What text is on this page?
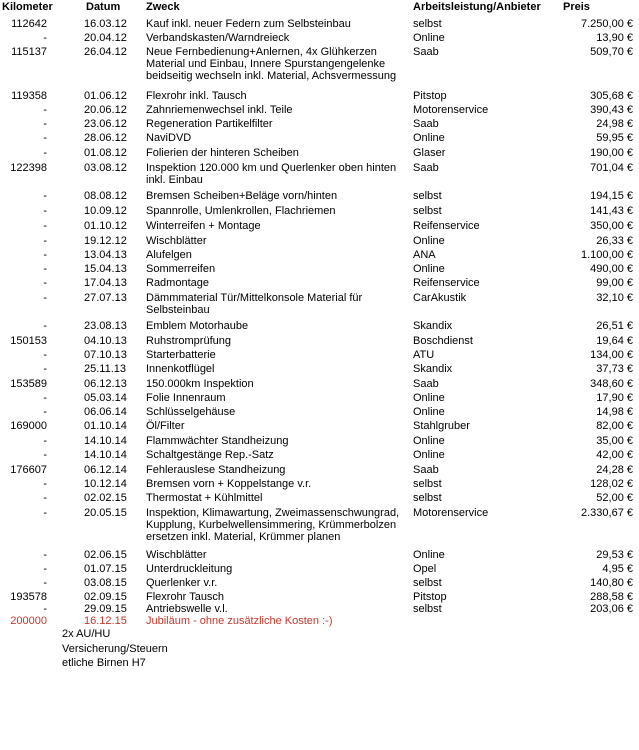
Kilometer	Datum Zweck	Arbeitsleistung/Anbieter Preis
112642	16.03.12 Kauf inkl. neuer Federn zum Selbsteinbau	selbst	7.250,00 €
-	20.04.12 Verbandskasten/Warndreieck	Online	13,90 €
115137	26.04.12 Neue Fernbedienung+Anlernen, 4x Glühkerzen Material und Einbau, Innere Spurstangengelenke beidseitig wechseln inkl. Material, Achsvermessung
Saab	509,70 €
119358	01.06.12 Flexrohr inkl. Tausch	Pitstop	305,68 €
-	20.06.12 Zahnriemenwechsel inkl. Teile	Motorenservice	390,43 €
-	23.06.12 Regeneration Partikelfilter	Saab	24,98 €
-	28.06.12 NaviDVD	Online	59,95 €
-	01.08.12 Folierien der hinteren Scheiben	Glaser	190,00 €
122398	03.08.12 Inspektion 120.000 km und Querlenker oben hinten inkl. Einbau
Saab	701,04 €
-	08.08.12 Bremsen Scheiben+Beläge vorn/hinten	selbst	194,15 €
-	10.09.12 Spannrolle, Umlenkrollen, Flachriemen	selbst	141,43 €
-	01.10.12 Winterreifen + Montage	Reifenservice	350,00 €
-	19.12.12 Wischblätter	Online	26,33 €
-	13.04.13 Alufelgen	ANA	1.100,00 €
-	15.04.13 Sommerreifen	Online	490,00 €
-	17.04.13 Radmontage	Reifenservice	99,00 €
-	27.07.13 Dämmmaterial Tür/Mittelkonsole Material für Selbsteinbau
CarAkustik	32,10 €
-	23.08.13 Emblem Motorhaube	Skandix	26,51 €
150153	04.10.13 Ruhstromprüfung	Boschdienst	19,64 €
-	07.10.13 Starterbatterie	ATU	134,00 €
-	25.11.13 Innenkotflügel	Skandix	37,73 €
153589	06.12.13 150.000km Inspektion	Saab	348,60 €
-	05.03.14 Folie Innenraum	Online	17,90 €
-	06.06.14 Schlüsselgehäuse	Online	14,98 €
169000	01.10.14 Öl/Filter	Stahlgruber	82,00 €
-	14.10.14 Flammwächter Standheizung	Online	35,00 €
-	14.10.14 Schaltgestänge Rep.-Satz	Online	42,00 €
176607	06.12.14 Fehlerauslese Standheizung	Saab	24,28 €
-	10.12.14 Bremsen vorn + Koppelstange v.r.	selbst	128,02 €
-	02.02.15 Thermostat + Kühlmittel	selbst	52,00 €
-	20.05.15 Inspektion, Klimawartung, Zweimassenschwungrad, Kupplung, Kurbelwellensimmering, Krümmerbolzen ersetzen inkl. Material, Krümmer planen
Motorenservice	2.330,67 €
-	02.06.15 Wischblätter	Online	29,53 €
-	01.07.15 Unterdruckleitung	Opel	4,95 €
-	03.08.15 Querlenker v.r.	selbst	140,80 €
193578	02.09.15 Flexrohr Tausch	Pitstop	288,58 €
-	29.09.15 Antriebswelle v.l.	selbst	203,06 €
200000	16.12.15 Jubiläum - ohne zusätzliche Kosten :-)
2x AU/HU
Versicherung/Steuern
etliche Birnen H7
